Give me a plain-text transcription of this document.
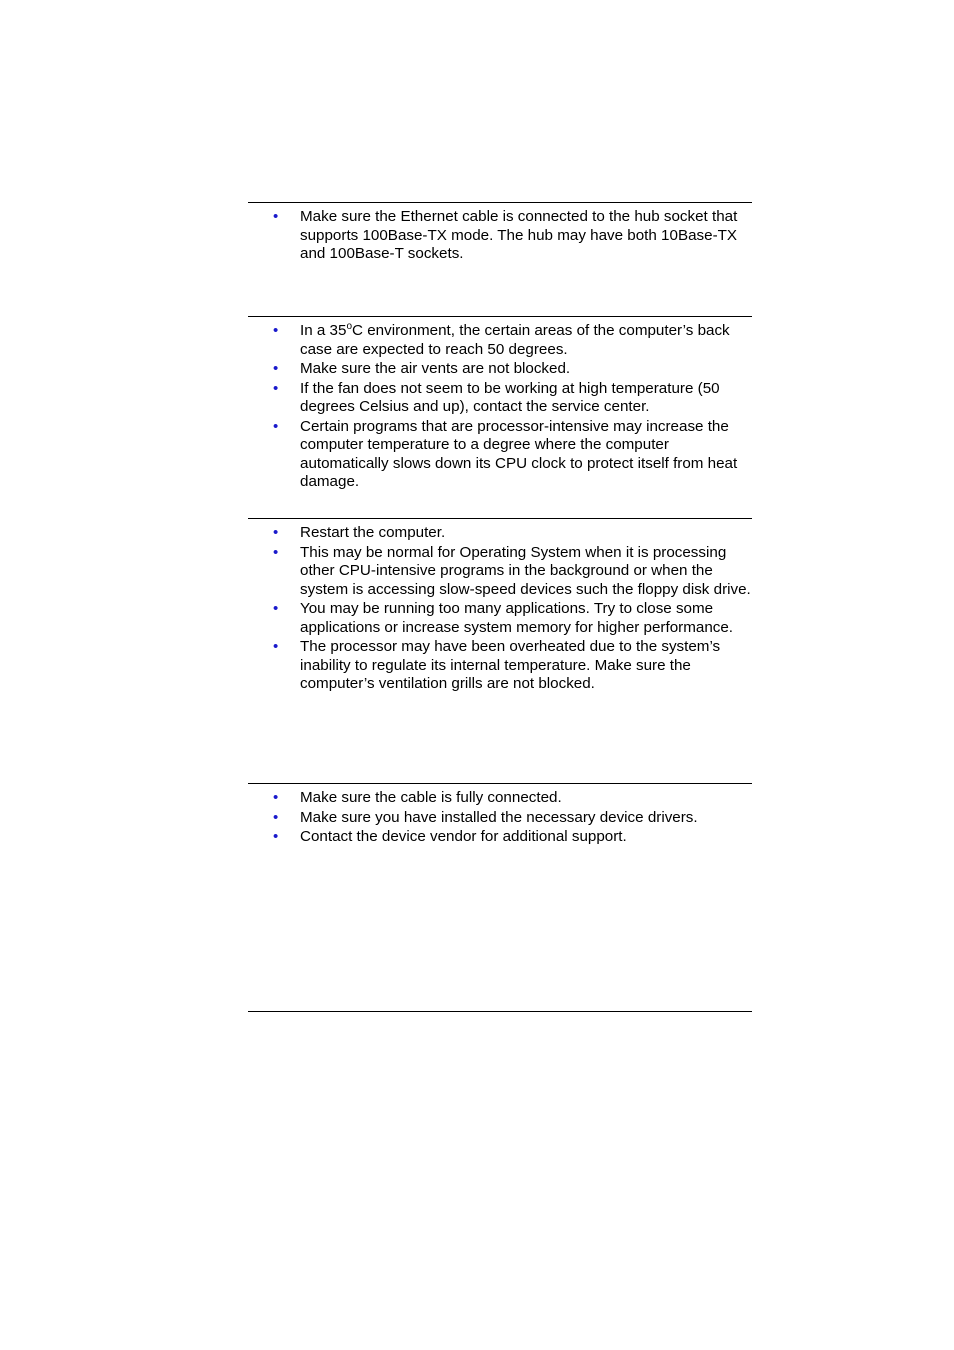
• Make sure the Ethernet cable is connected to the hub socket that supports 100Base-TX mode. The hub may have both 10Base-TX and 100Base-T sockets.
• In a 35$^o$C environment, the certain areas of the computer’s back case are expected to reach 50 degrees.
• Make sure the air vents are not blocked.
• If the fan does not seem to be working at high temperature (50 degrees Celsius and up), contact the service center.
• Certain programs that are processor-intensive may increase the computer temperature to a degree where the computer automatically slows down its CPU clock to protect itself from heat damage.
• Restart the computer.
• This may be normal for Operating System when it is processing other CPU-intensive programs in the background or when the system is accessing slow-speed devices such the floppy disk drive.
• You may be running too many applications. Try to close some applications or increase system memory for higher performance.
• The processor may have been overheated due to the system’s inability to regulate its internal temperature. Make sure the computer’s ventilation grills are not blocked.
• Make sure the cable is fully connected.
• Make sure you have installed the necessary device drivers.
• Contact the device vendor for additional support.
